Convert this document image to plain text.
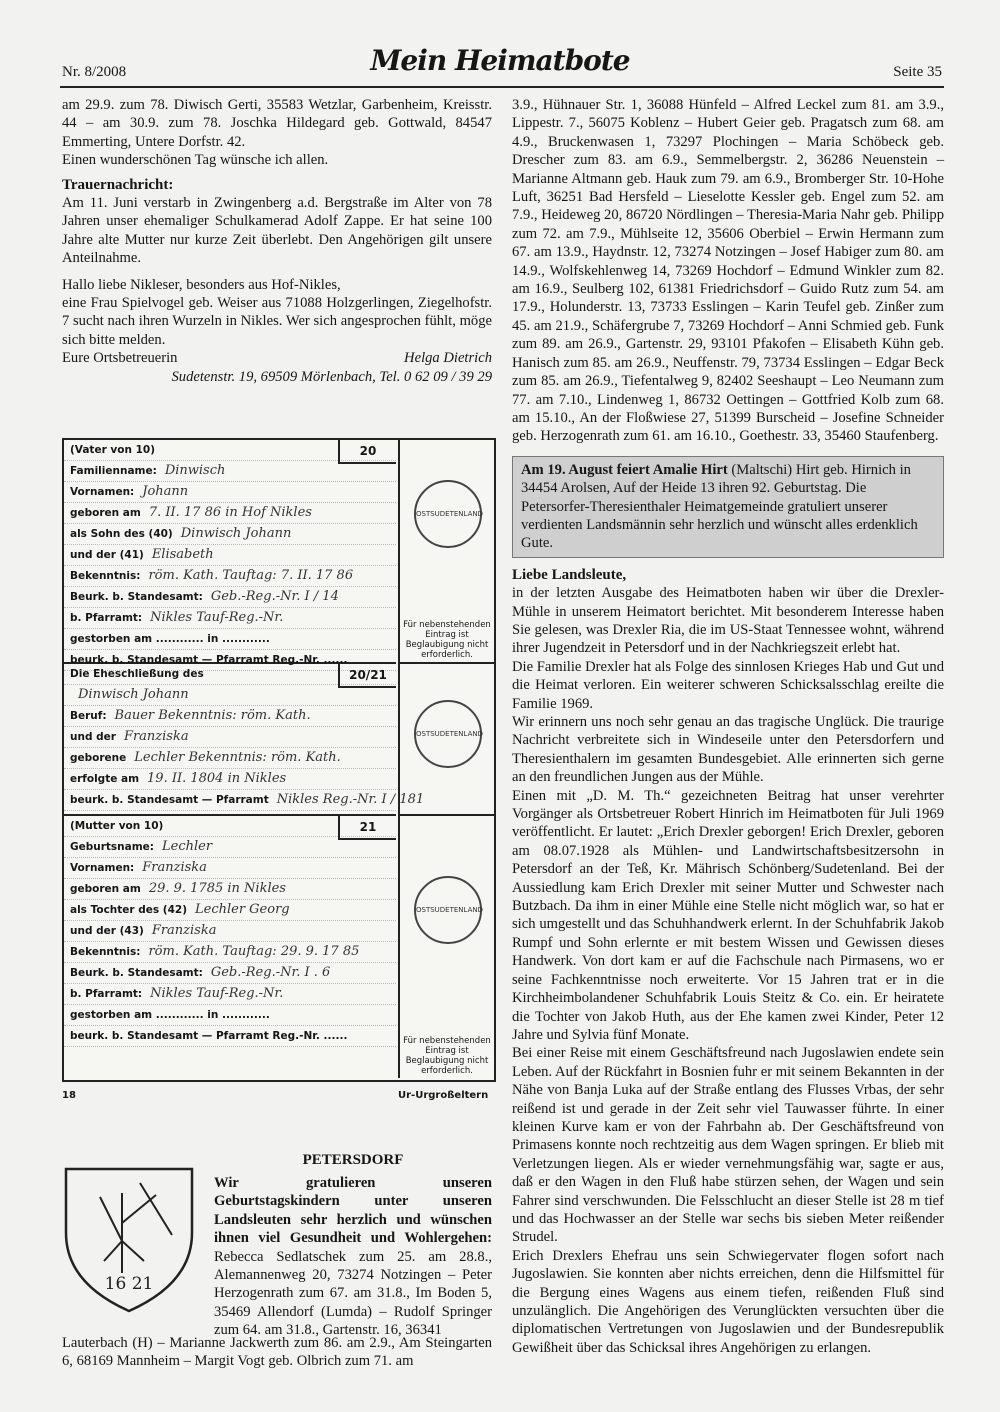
Nr. 8/2008	Mein Heimatbote	Seite 35

am 29.9. zum 78. Diwisch Gerti, 35583 Wetzlar, Garbenheim, Kreisstr. 44 – am 30.9. zum 78. Joschka Hildegard geb. Gottwald, 84547 Emmerting, Untere Dorfstr. 42.

Einen wunderschönen Tag wünsche ich allen.

Trauernachricht:

Am 11. Juni verstarb in Zwingenberg a.d. Bergstraße im Alter von 78 Jahren unser ehemaliger Schulkamerad Adolf Zappe. Er hat seine 100 Jahre alte Mutter nur kurze Zeit überlebt. Den Angehörigen gilt unsere Anteilnahme.

Hallo liebe Nikleser, besonders aus Hof-Nikles,

eine Frau Spielvogel geb. Weiser aus 71088 Holzgerlingen, Ziegelhofstr. 7 sucht nach ihren Wurzeln in Nikles. Wer sich angesprochen fühlt, möge sich bitte melden.

Eure Ortsbetreuerin	Helga Dietrich
Sudetenstr. 19, 69509 Mörlenbach, Tel. 0 62 09 / 39 29
20
(Vater von 10)
Familienname: Dinwisch
Vornamen: Johann
geboren am 7. II. 17 86 in Hof Nikles
als Sohn des (40) Dinwisch Johann
und der (41) Elisabeth
Bekenntnis: röm. Kath. Tauftag: 7. II. 17 86
Beurk. b. Standesamt: Geb.-Reg.-Nr. I / 14
b. Pfarramt: Nikles Tauf-Reg.-Nr.
gestorben am ............ in ............
beurk. b. Standesamt — Pfarramt Reg.-Nr. ......
OSTSUDETENLAND
Für nebenstehenden Eintrag ist Beglaubigung nicht erforderlich.
20/21
Die Eheschließung des
Dinwisch Johann
Beruf: Bauer Bekenntnis: röm. Kath.
und der Franziska
geborene Lechler Bekenntnis: röm. Kath.
erfolgte am 19. II. 1804 in Nikles
beurk. b. Standesamt — Pfarramt Nikles Reg.-Nr. I / 181
OSTSUDETENLAND
21
(Mutter von 10)
Geburtsname: Lechler
Vornamen: Franziska
geboren am 29. 9. 1785 in Nikles
als Tochter des (42) Lechler Georg
und der (43) Franziska
Bekenntnis: röm. Kath. Tauftag: 29. 9. 17 85
Beurk. b. Standesamt: Geb.-Reg.-Nr. I . 6
b. Pfarramt: Nikles Tauf-Reg.-Nr.
gestorben am ............ in ............
beurk. b. Standesamt — Pfarramt Reg.-Nr. ......
OSTSUDETENLAND
Für nebenstehenden Eintrag ist Beglaubigung nicht erforderlich.
18	Ur-Urgroßeltern
16 21
PETERSDORF
Wir gratulieren unseren Geburtstagskindern unter unseren Landsleuten sehr herzlich und wünschen ihnen viel Gesundheit und Wohlergehen: Rebecca Sedlatschek zum 25. am 28.8., Alemannenweg 20, 73274 Notzingen – Peter Herzogenrath zum 67. am 31.8., Im Boden 5, 35469 Allendorf (Lumda) – Rudolf Springer zum 64. am 31.8., Gartenstr. 16, 36341
Lauterbach (H) – Marianne Jackwerth zum 86. am 2.9., Am Steingarten 6, 68169 Mannheim – Margit Vogt geb. Olbrich zum 71. am

3.9., Hühnauer Str. 1, 36088 Hünfeld – Alfred Leckel zum 81. am 3.9., Lippestr. 7., 56075 Koblenz – Hubert Geier geb. Pragatsch zum 68. am 4.9., Bruckenwasen 1, 73297 Plochingen – Maria Schöbeck geb. Drescher zum 83. am 6.9., Semmelbergstr. 2, 36286 Neuenstein – Marianne Altmann geb. Hauk zum 79. am 6.9., Bromberger Str. 10-Hohe Luft, 36251 Bad Hersfeld – Lieselotte Kessler geb. Engel zum 52. am 7.9., Heideweg 20, 86720 Nördlingen – Theresia-Maria Nahr geb. Philipp zum 72. am 7.9., Mühlseite 12, 35606 Oberbiel – Erwin Hermann zum 67. am 13.9., Haydnstr. 12, 73274 Notzingen – Josef Habiger zum 80. am 14.9., Wolfskehlenweg 14, 73269 Hochdorf – Edmund Winkler zum 82. am 16.9., Seulberg 102, 61381 Friedrichsdorf – Guido Rutz zum 54. am 17.9., Holunderstr. 13, 73733 Esslingen – Karin Teufel geb. Zinßer zum 45. am 21.9., Schäfergrube 7, 73269 Hochdorf – Anni Schmied geb. Funk zum 89. am 26.9., Gartenstr. 29, 93101 Pfakofen – Elisabeth Kühn geb. Hanisch zum 85. am 26.9., Neuffenstr. 79, 73734 Esslingen – Edgar Beck zum 85. am 26.9., Tiefentalweg 9, 82402 Seeshaupt – Leo Neumann zum 77. am 7.10., Lindenweg 1, 86732 Oettingen – Gottfried Kolb zum 68. am 15.10., An der Floßwiese 27, 51399 Burscheid – Josefine Schneider geb. Herzogenrath zum 61. am 16.10., Goethestr. 33, 35460 Staufenberg.

Am 19. August feiert Amalie Hirt (Maltschi) Hirt geb. Hirnich in 34454 Arolsen, Auf der Heide 13 ihren 92. Geburtstag. Die Petersorfer-Theresienthaler Heimatgemeinde gratuliert unserer verdienten Landsmännin sehr herzlich und wünscht alles erdenklich Gute.
Liebe Landsleute,

in der letzten Ausgabe des Heimatboten haben wir über die Drexler-Mühle in unserem Heimatort berichtet. Mit besonderem Interesse haben Sie gelesen, was Drexler Ria, die im US-Staat Tennessee wohnt, während ihrer Jugendzeit in Petersdorf und in der Nachkriegszeit erlebt hat.

Die Familie Drexler hat als Folge des sinnlosen Krieges Hab und Gut und die Heimat verloren. Ein weiterer schweren Schicksalsschlag ereilte die Familie 1969.

Wir erinnern uns noch sehr genau an das tragische Unglück. Die traurige Nachricht verbreitete sich in Windeseile unter den Petersdorfern und Theresienthalern im gesamten Bundesgebiet. Alle erinnerten sich gerne an den freundlichen Jungen aus der Mühle.

Einen mit „D. M. Th.“ gezeichneten Beitrag hat unser verehrter Vorgänger als Ortsbetreuer Robert Hinrich im Heimatboten für Juli 1969 veröffentlicht. Er lautet: „Erich Drexler geborgen! Erich Drexler, geboren am 08.07.1928 als Mühlen- und Landwirtschaftsbesitzersohn in Petersdorf an der Teß, Kr. Mährisch Schönberg/Sudetenland. Bei der Aussiedlung kam Erich Drexler mit seiner Mutter und Schwester nach Butzbach. Da ihm in einer Mühle eine Stelle nicht möglich war, so hat er sich umgestellt und das Schuhhandwerk erlernt. In der Schuhfabrik Jakob Rumpf und Sohn erlernte er mit bestem Wissen und Gewissen dieses Handwerk. Von dort kam er auf die Fachschule nach Pirmasens, wo er seine Fachkenntnisse noch erweiterte. Vor 15 Jahren trat er in die Kirchheimbolandener Schuhfabrik Louis Steitz & Co. ein. Er heiratete die Tochter von Jakob Huth, aus der Ehe kamen zwei Kinder, Peter 12 Jahre und Sylvia fünf Monate.

Bei einer Reise mit einem Geschäftsfreund nach Jugoslawien endete sein Leben. Auf der Rückfahrt in Bosnien fuhr er mit seinem Bekannten in der Nähe von Banja Luka auf der Straße entlang des Flusses Vrbas, der sehr reißend ist und gerade in der Zeit sehr viel Tauwasser führte. In einer kleinen Kurve kam er von der Fahrbahn ab. Der Geschäftsfreund von Primasens konnte noch rechtzeitig aus dem Wagen springen. Er blieb mit Verletzungen liegen. Als er wieder vernehmungsfähig war, sagte er aus, daß er den Wagen in den Fluß habe stürzen sehen, der Wagen und sein Fahrer sind verschwunden. Die Felsschlucht an dieser Stelle ist 28 m tief und das Hochwasser an der Stelle war sechs bis sieben Meter reißender Strudel.

Erich Drexlers Ehefrau uns sein Schwiegervater flogen sofort nach Jugoslawien. Sie konnten aber nichts erreichen, denn die Hilfsmittel für die Bergung eines Wagens aus einem tiefen, reißenden Fluß sind unzulänglich. Die Angehörigen des Verunglückten versuchten über die diplomatischen Vertretungen von Jugoslawien und der Bundesrepublik Gewißheit über das Schicksal ihres Angehörigen zu erlangen.
